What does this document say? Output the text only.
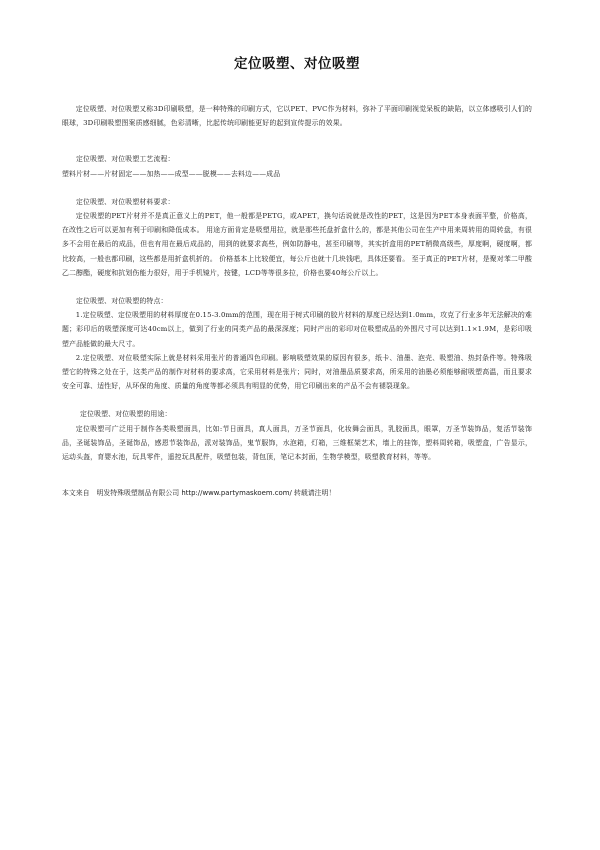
定位吸塑、对位吸塑

定位吸塑、对位吸塑又称3D印刷吸塑，是一种特殊的印刷方式，它以PET、PVC作为材料，弥补了平面印刷视觉呆板的缺陷，以立体感吸引人们的眼球，3D印刷吸塑图案质感细腻，色彩清晰，比起传统印刷能更好的起到宣传提示的效果。

定位吸塑、对位吸塑工艺流程：

塑料片材——片材固定——加热——成型——脱模——去料边——成品

定位吸塑、对位吸塑材料要求：

定位吸塑的PET片材并不是真正意义上的PET，他一般都是PETG，或APET，换句话说就是改性的PET，这是因为PET本身表面平整，价格高，在改性之后可以更加有利于印刷和降低成本。 用途方面肯定是吸塑用拉，就是那些托盘折盒什么的，都是其他公司在生产中用来周转用的周转盘，有很多不会用在最后的成品，但也有用在最后成品的，用到的就要求高些，例如防静电，甚至印刷等，其实折盒用的PET稍微高级些，厚度啊，硬度啊，都比较高，一般也都印刷，这些都是用折盒机折的。 价格基本上比较便宜，每公斤也就十几块钱吧，具体还要看。 至于真正的PET片材，是聚对苯二甲酸乙二醇酯，硬度和抗划伤能力很好，用于手机镜片，按键，LCD等等很多拉，价格也要40每公斤以上。

定位吸塑、对位吸塑的特点：

1.定位吸塑、定位吸塑用的材料厚度在0.15-3.0mm的范围，现在用于树式印刷的胶片材料的厚度已经达到1.0mm，攻克了行业多年无法解决的难题；彩印后的吸塑深度可达40cm以上，做到了行业的同类产品的最深深度；同时产出的彩印对位吸塑成品的外围尺寸可以达到1.1×1.9M，是彩印吸塑产品能做的最大尺寸。

2.定位吸塑、对位吸塑实际上就是材料采用张片的普通四色印刷。影响吸塑效果的原因有很多，纸卡、油墨、泡壳、吸塑油、热封条件等。特殊吸塑它的特殊之处在于，这类产品的制作对材料的要求高，它采用材料是张片；同时，对油墨品质要求高，所采用的油墨必须能够耐吸塑高温，而且要求安全可靠、适性好，从环保的角度、质量的角度等都必须具有明显的优势，用它印刷出来的产品不会有褪裂现象。

定位吸塑、对位吸塑的用途：

定位吸塑可广泛用于制作各类吸塑面具，比如:节日面具，真人面具，万圣节面具，化妆舞会面具，乳胶面具，眼罩，万圣节装饰品，复活节装饰品，圣诞装饰品，圣诞饰品，感恩节装饰品，派对装饰品，鬼节服饰，水泡箱，灯箱，三维框架艺术，墙上的挂饰，塑料周转箱，吸塑盒，广告显示，运动头盔，育婴水池，玩具零件，遥控玩具配件，吸塑包装，背包顶，笔记本封面，生物学模型，吸塑教育材料，等等。

本文来自　明发特殊吸塑制品有限公司 http://www.partymaskoem.com/ 转载请注明！
